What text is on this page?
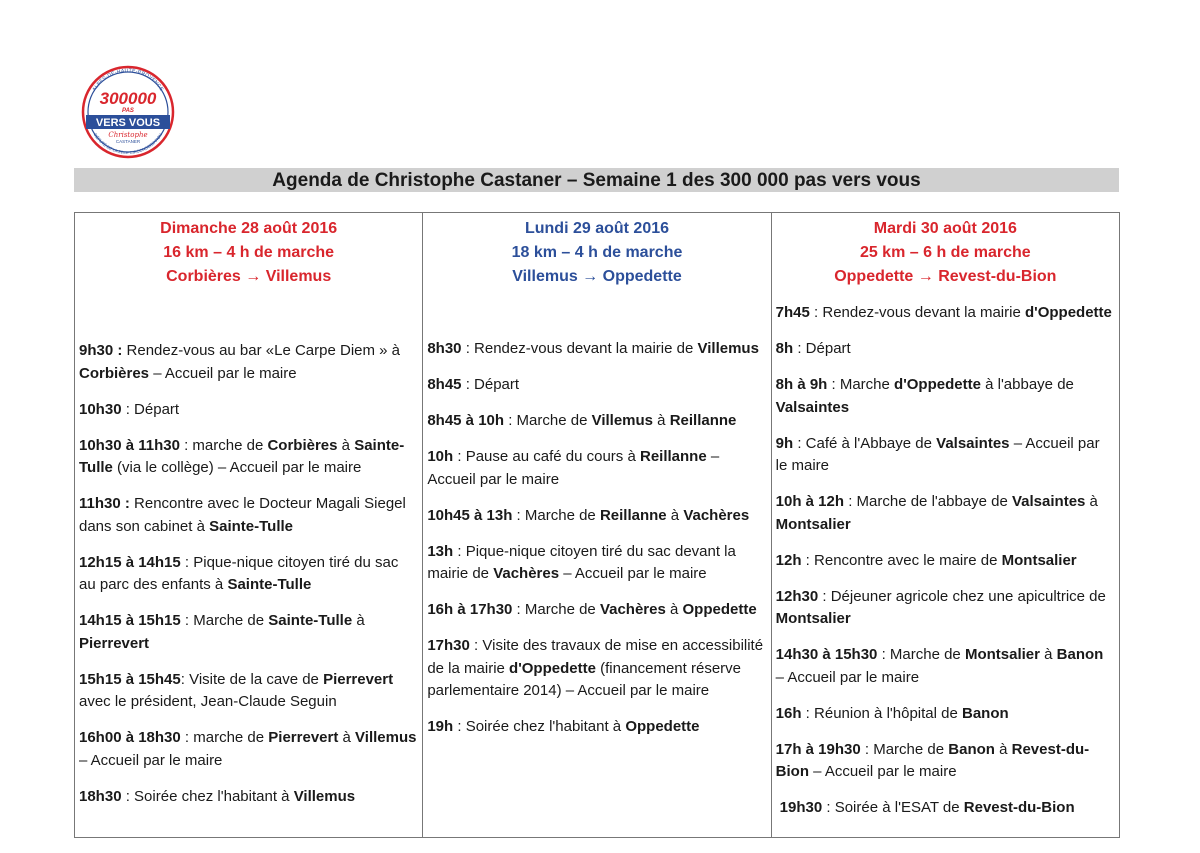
ALPES-DE-HAUTE-PROVENCE
300000
PAS
VERS VOUS
Christophe
CASTANER
DÉPUTÉ DE LA 2ème CIRCONSCRIPTION
Agenda de Christophe Castaner – Semaine 1 des 300 000 pas vers vous
Dimanche 28 août 2016
16 km – 4 h de marche
Corbières → Villemus
9h30 : Rendez-vous au bar «Le Carpe Diem » à Corbières – Accueil par le maire
10h30 : Départ
10h30 à 11h30 : marche de Corbières à Sainte-Tulle (via le collège) – Accueil par le maire
11h30 : Rencontre avec le Docteur Magali Siegel dans son cabinet à Sainte-Tulle
12h15 à 14h15 : Pique-nique citoyen tiré du sac au parc des enfants à Sainte-Tulle
14h15 à 15h15 : Marche de Sainte-Tulle à Pierrevert
15h15 à 15h45: Visite de la cave de Pierrevert avec le président, Jean-Claude Seguin
16h00 à 18h30 : marche de Pierrevert à Villemus – Accueil par le maire
18h30 : Soirée chez l'habitant à Villemus
Lundi 29 août 2016
18 km – 4 h de marche
Villemus → Oppedette
8h30 : Rendez-vous devant la mairie de Villemus
8h45 : Départ
8h45 à 10h : Marche de Villemus à Reillanne
10h : Pause au café du cours à Reillanne – Accueil par le maire
10h45 à 13h : Marche de Reillanne à Vachères
13h : Pique-nique citoyen tiré du sac devant la mairie de Vachères – Accueil par le maire
16h à 17h30 : Marche de Vachères à Oppedette
17h30 : Visite des travaux de mise en accessibilité de la mairie d'Oppedette (financement réserve parlementaire 2014) – Accueil par le maire
19h : Soirée chez l'habitant à Oppedette
Mardi 30 août 2016
25 km – 6 h de marche
Oppedette → Revest-du-Bion
7h45 : Rendez-vous devant la mairie d'Oppedette
8h : Départ
8h à 9h : Marche d'Oppedette à l'abbaye de Valsaintes
9h : Café à l'Abbaye de Valsaintes – Accueil par le maire
10h à 12h : Marche de l'abbaye de Valsaintes à Montsalier
12h : Rencontre avec le maire de Montsalier
12h30 : Déjeuner agricole chez une apicultrice de Montsalier
14h30 à 15h30 : Marche de Montsalier à Banon – Accueil par le maire
16h : Réunion à l'hôpital de Banon
17h à 19h30 : Marche de Banon à Revest-du-Bion – Accueil par le maire
19h30 : Soirée à l'ESAT de Revest-du-Bion
